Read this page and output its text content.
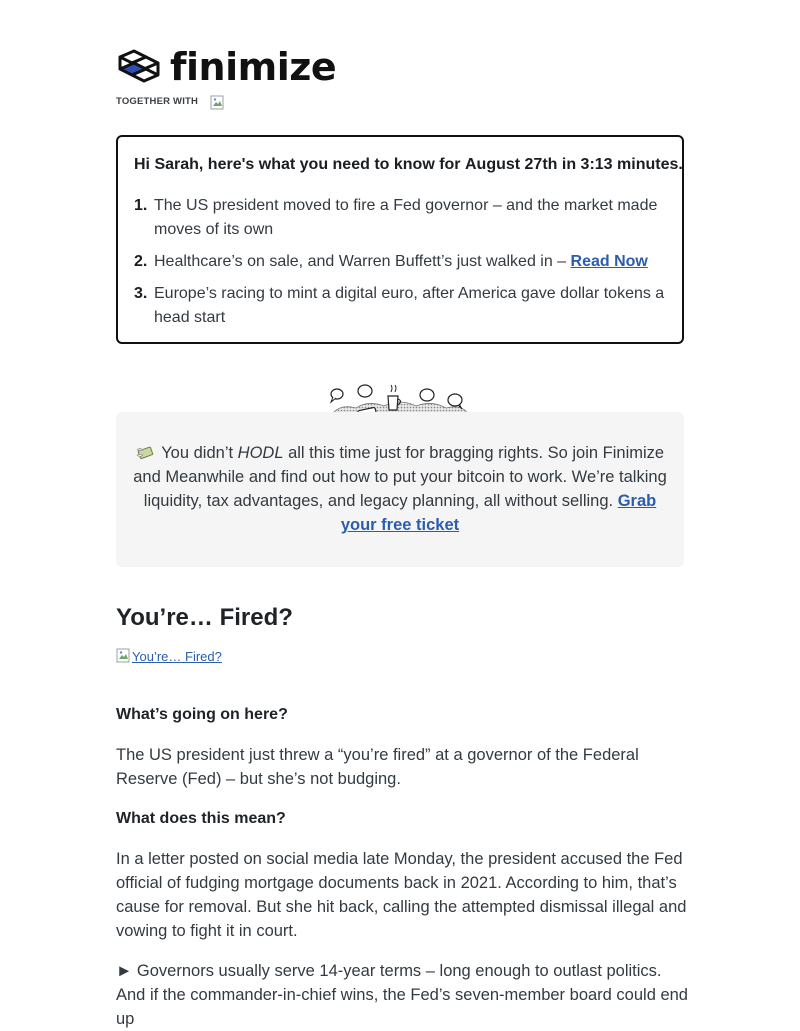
finimize
TOGETHER WITH
Hi Sarah, here's what you need to know for August 27th in 3:13 minutes.
1. The US president moved to fire a Fed governor – and the market made moves of its own
2. Healthcare’s on sale, and Warren Buffett’s just walked in – Read Now
3. Europe’s racing to mint a digital euro, after America gave dollar tokens a head start
You didn’t HODL all this time just for bragging rights. So join Finimize and Meanwhile and find out how to put your bitcoin to work. We’re talking liquidity, tax advantages, and legacy planning, all without selling. Grab your free ticket
You’re… Fired?
You’re… Fired?
What’s going on here?

The US president just threw a “you’re fired” at a governor of the Federal Reserve (Fed) – but she’s not budging.

What does this mean?

In a letter posted on social media late Monday, the president accused the Fed official of fudging mortgage documents back in 2021. According to him, that’s cause for removal. But she hit back, calling the attempted dismissal illegal and vowing to fight it in court.

► Governors usually serve 14-year terms – long enough to outlast politics. And if the commander-in-chief wins, the Fed’s seven-member board could end up
